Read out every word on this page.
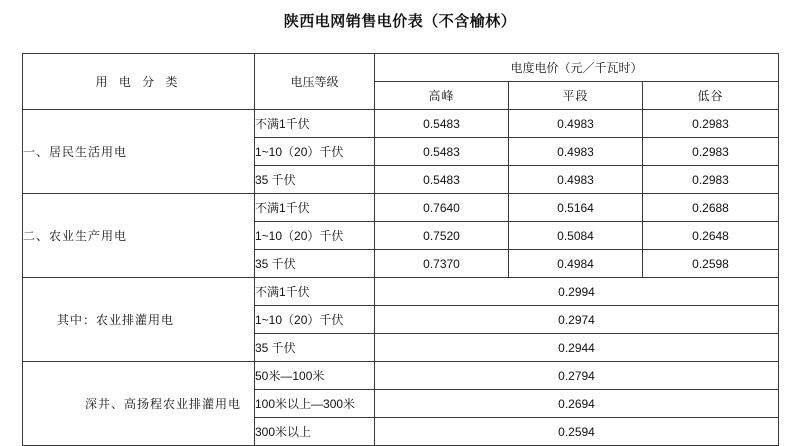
陕西电网销售电价表（不含榆林）
用 电 分 类	电压等级	电度电价（元／千瓦时）		
		高峰	平段	低谷
一、居民生活用电	不满1千伏	0.5483	0.4983	0.2983
	1~10（20）千伏	0.5483	0.4983	0.2983
	35 千伏	0.5483	0.4983	0.2983
二、农业生产用电	不满1千伏	0.7640	0.5164	0.2688
	1~10（20）千伏	0.7520	0.5084	0.2648
	35 千伏	0.7370	0.4984	0.2598
其中：农业排灌用电	不满1千伏	0.2994		
	1~10（20）千伏	0.2974		
	35 千伏	0.2944		
深井、高扬程农业排灌用电	50米—100米	0.2794		
	100米以上—300米	0.2694		
	300米以上	0.2594		
